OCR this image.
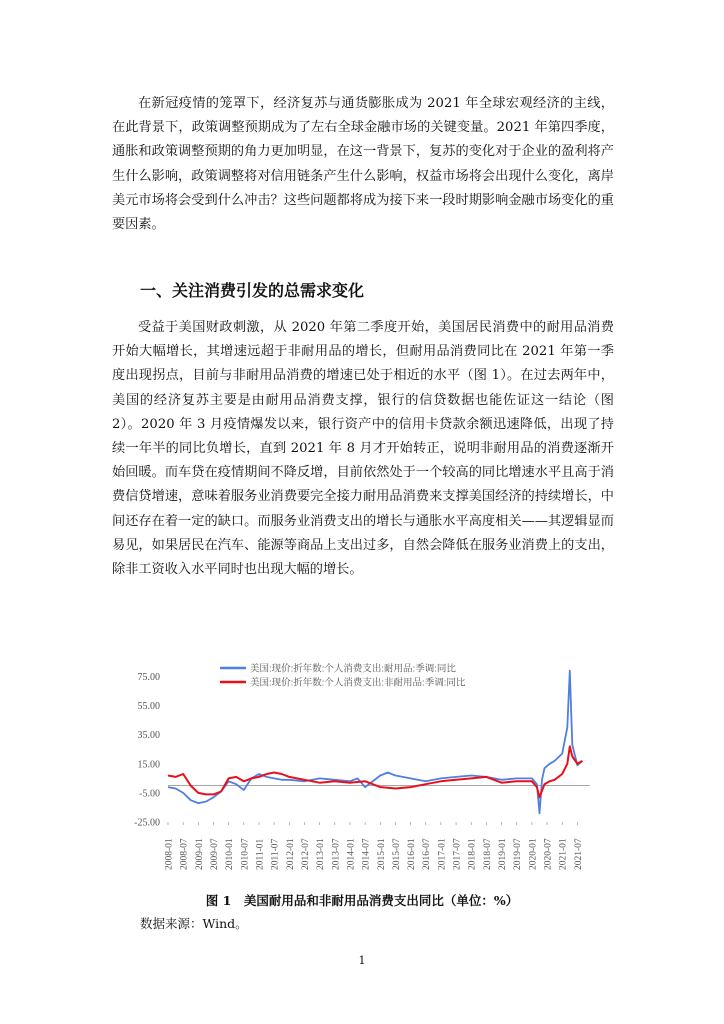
在新冠疫情的笼罩下，经济复苏与通货膨胀成为 2021 年全球宏观经济的主线，在此背景下，政策调整预期成为了左右全球金融市场的关键变量。2021 年第四季度，通胀和政策调整预期的角力更加明显，在这一背景下，复苏的变化对于企业的盈利将产生什么影响，政策调整将对信用链条产生什么影响，权益市场将会出现什么变化，离岸美元市场将会受到什么冲击？这些问题都将成为接下来一段时期影响金融市场变化的重要因素。

一、关注消费引发的总需求变化

受益于美国财政刺激，从 2020 年第二季度开始，美国居民消费中的耐用品消费开始大幅增长，其增速远超于非耐用品的增长，但耐用品消费同比在 2021 年第一季度出现拐点，目前与非耐用品消费的增速已处于相近的水平（图 1）。在过去两年中，美国的经济复苏主要是由耐用品消费支撑，银行的信贷数据也能佐证这一结论（图 2）。2020 年 3 月疫情爆发以来，银行资产中的信用卡贷款余额迅速降低，出现了持续一年半的同比负增长，直到 2021 年 8 月才开始转正，说明非耐用品的消费逐渐开始回暖。而车贷在疫情期间不降反增，目前依然处于一个较高的同比增速水平且高于消费信贷增速，意味着服务业消费要完全接力耐用品消费来支撑美国经济的持续增长，中间还存在着一定的缺口。而服务业消费支出的增长与通胀水平高度相关——其逻辑显而易见，如果居民在汽车、能源等商品上支出过多，自然会降低在服务业消费上的支出，除非工资收入水平同时也出现大幅的增长。

美国:现价:折年数:个人消费支出:耐用品:季调:同比
美国:现价:折年数:个人消费支出:非耐用品:季调:同比
75.00
55.00
35.00
15.00
-5.00
-25.00
2008-01 2008-07 2009-01 2009-07 2010-01 2010-07 2011-01 2011-07 2012-01 2012-07 2013-01 2013-07 2014-01 2014-07 2015-01 2015-07 2016-01 2016-07 2017-01 2017-07 2018-01 2018-07 2019-01 2019-07 2020-01 2020-07 2021-01 2021-07

图 1　美国耐用品和非耐用品消费支出同比（单位：%）

数据来源：Wind。

1
